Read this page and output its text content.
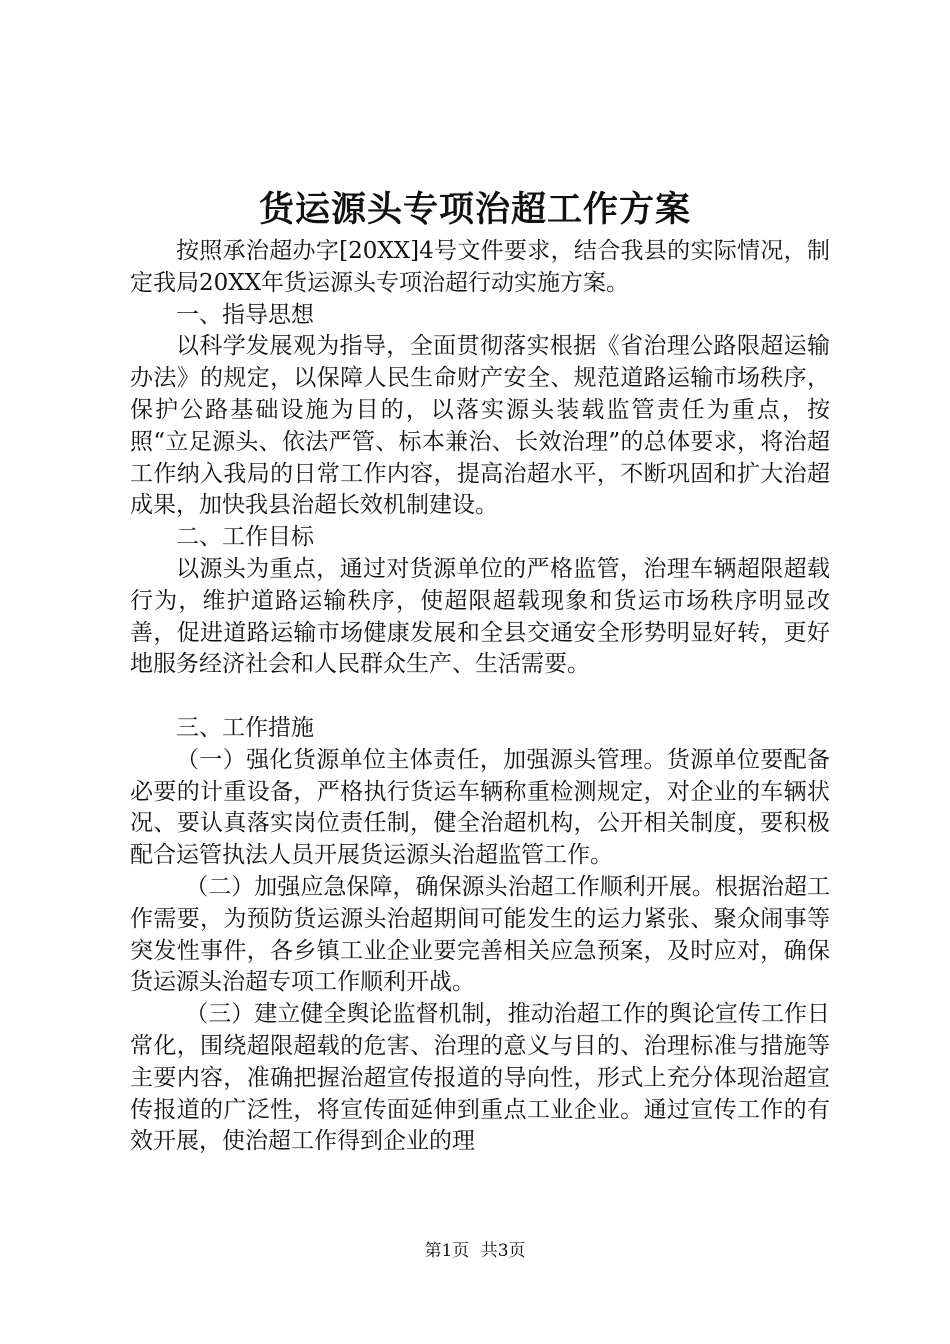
货运源头专项治超工作方案

按照承治超办字[20XX]4号文件要求，结合我县的实际情况，制定我局20XX年货运源头专项治超行动实施方案。

一、指导思想

以科学发展观为指导，全面贯彻落实根据《省治理公路限超运输办法》的规定，以保障人民生命财产安全、规范道路运输市场秩序，保护公路基础设施为目的，以落实源头装载监管责任为重点，按照“立足源头、依法严管、标本兼治、长效治理”的总体要求，将治超工作纳入我局的日常工作内容，提高治超水平，不断巩固和扩大治超成果，加快我县治超长效机制建设。

二、工作目标

以源头为重点，通过对货源单位的严格监管，治理车辆超限超载行为，维护道路运输秩序，使超限超载现象和货运市场秩序明显改善，促进道路运输市场健康发展和全县交通安全形势明显好转，更好地服务经济社会和人民群众生产、生活需要。

三、工作措施

（一）强化货源单位主体责任，加强源头管理。货源单位要配备必要的计重设备，严格执行货运车辆称重检测规定，对企业的车辆状况、要认真落实岗位责任制，健全治超机构，公开相关制度，要积极配合运管执法人员开展货运源头治超监管工作。

（二）加强应急保障，确保源头治超工作顺利开展。根据治超工作需要，为预防货运源头治超期间可能发生的运力紧张、聚众闹事等突发性事件，各乡镇工业企业要完善相关应急预案，及时应对，确保货运源头治超专项工作顺利开战。

（三）建立健全舆论监督机制，推动治超工作的舆论宣传工作日常化，围绕超限超载的危害、治理的意义与目的、治理标准与措施等主要内容，准确把握治超宣传报道的导向性，形式上充分体现治超宣传报道的广泛性，将宣传面延伸到重点工业企业。通过宣传工作的有效开展，使治超工作得到企业的理

第1页 共3页
